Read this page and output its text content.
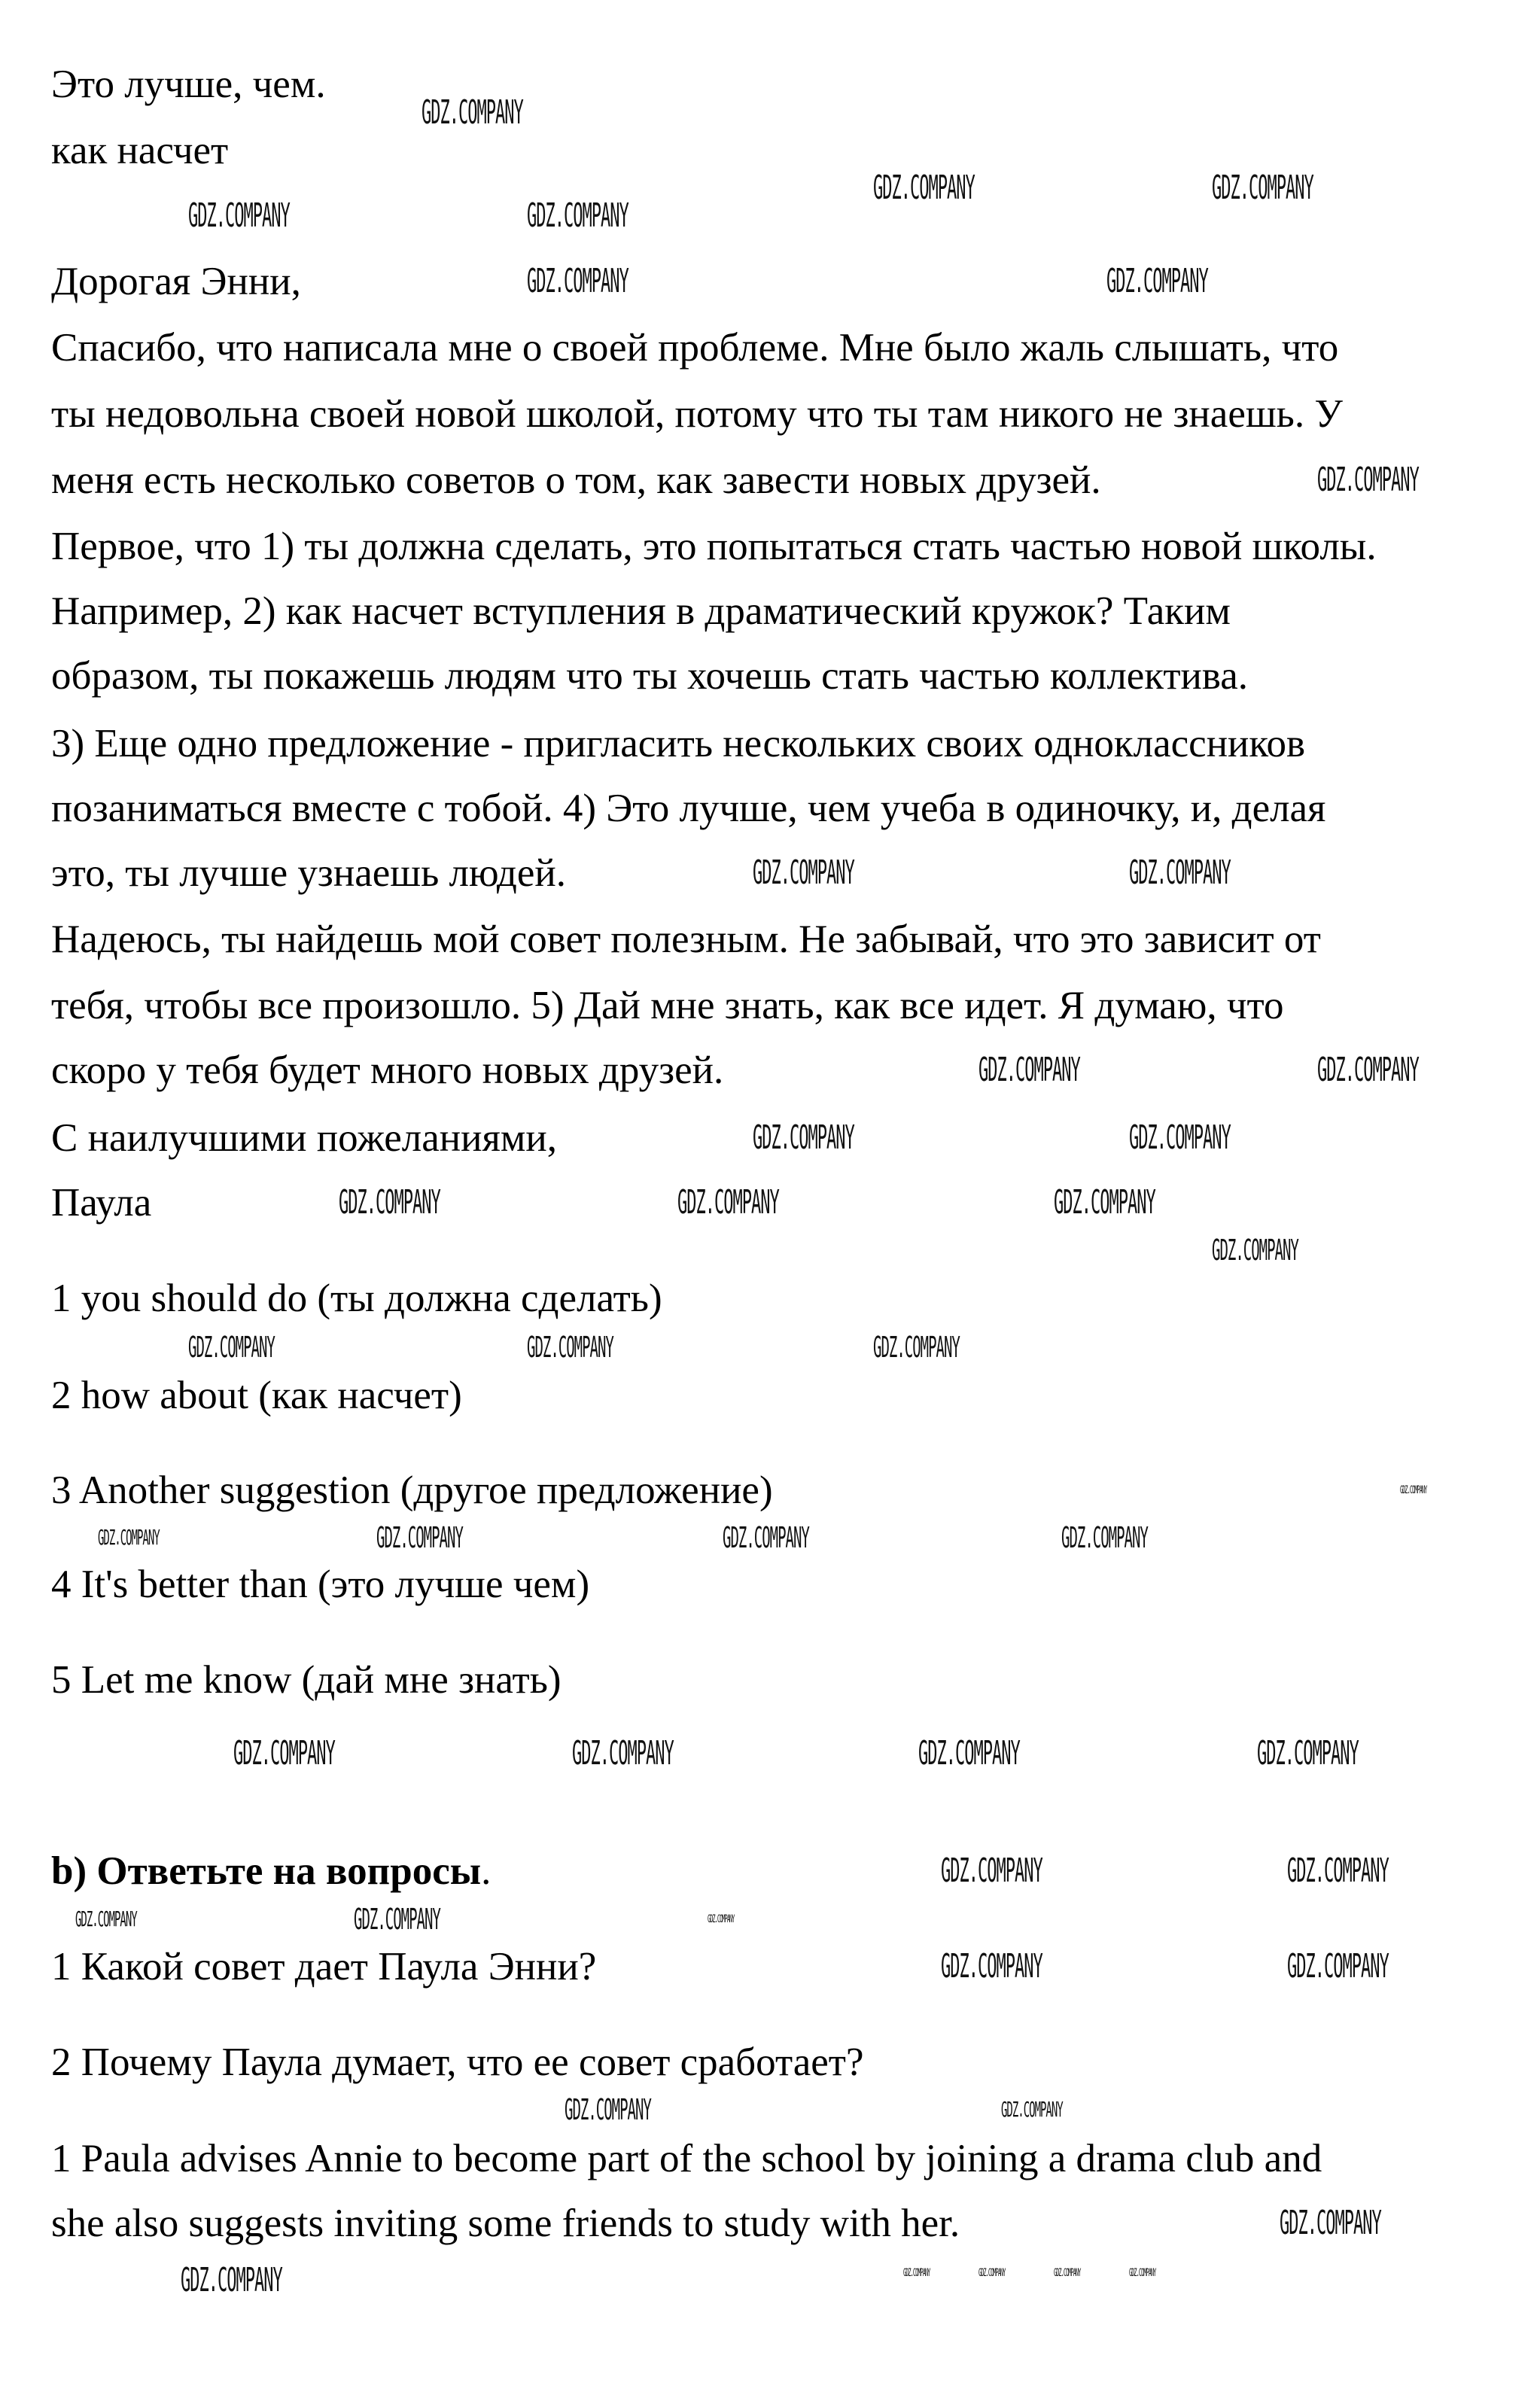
Это лучше, чем.
как насчет
Дорогая Энни,
Спасибо, что написала мне о своей проблеме. Мне было жаль слышать, что
ты недовольна своей новой школой, потому что ты там никого не знаешь. У
меня есть несколько советов о том, как завести новых друзей.
Первое, что 1) ты должна сделать, это попытаться стать частью новой школы.
Например, 2) как насчет вступления в драматический кружок? Таким
образом, ты покажешь людям что ты хочешь стать частью коллектива.
3) Еще одно предложение - пригласить нескольких своих одноклассников
позаниматься вместе с тобой. 4) Это лучше, чем учеба в одиночку, и, делая
это, ты лучше узнаешь людей.
Надеюсь, ты найдешь мой совет полезным. Не забывай, что это зависит от
тебя, чтобы все произошло. 5) Дай мне знать, как все идет. Я думаю, что
скоро у тебя будет много новых друзей.
С наилучшими пожеланиями,
Паула
1 you should do (ты должна сделать)
2 how about (как насчет)
3 Another suggestion (другое предложение)
4 It's better than (это лучше чем)
5 Let me know (дай мне знать)
b) Ответьте на вопросы.
1 Какой совет дает Паула Энни?
2 Почему Паула думает, что ее совет сработает?
1 Paula advises Annie to become part of the school by joining a drama club and
she also suggests inviting some friends to study with her.
GDZ.COMPANY
GDZ.COMPANY	GDZ.COMPANY
GDZ.COMPANY	GDZ.COMPANY
GDZ.COMPANY	GDZ.COMPANY
GDZ.COMPANY
GDZ.COMPANY	GDZ.COMPANY
GDZ.COMPANY	GDZ.COMPANY
GDZ.COMPANY	GDZ.COMPANY
GDZ.COMPANY	GDZ.COMPANY	GDZ.COMPANY
GDZ.COMPANY
GDZ.COMPANY	GDZ.COMPANY	GDZ.COMPANY
GDZ.COMPANY
GDZ.COMPANY	GDZ.COMPANY	GDZ.COMPANY	GDZ.COMPANY
GDZ.COMPANY	GDZ.COMPANY	GDZ.COMPANY	GDZ.COMPANY
GDZ.COMPANY	GDZ.COMPANY
GDZ.COMPANY	GDZ.COMPANY	GDZ.COMPANY
GDZ.COMPANY	GDZ.COMPANY
GDZ.COMPANY	GDZ.COMPANY
GDZ.COMPANY
GDZ.COMPANY	GDZ.COMPANY	GDZ.COMPANY	GDZ.COMPANY	GDZ.COMPANY
